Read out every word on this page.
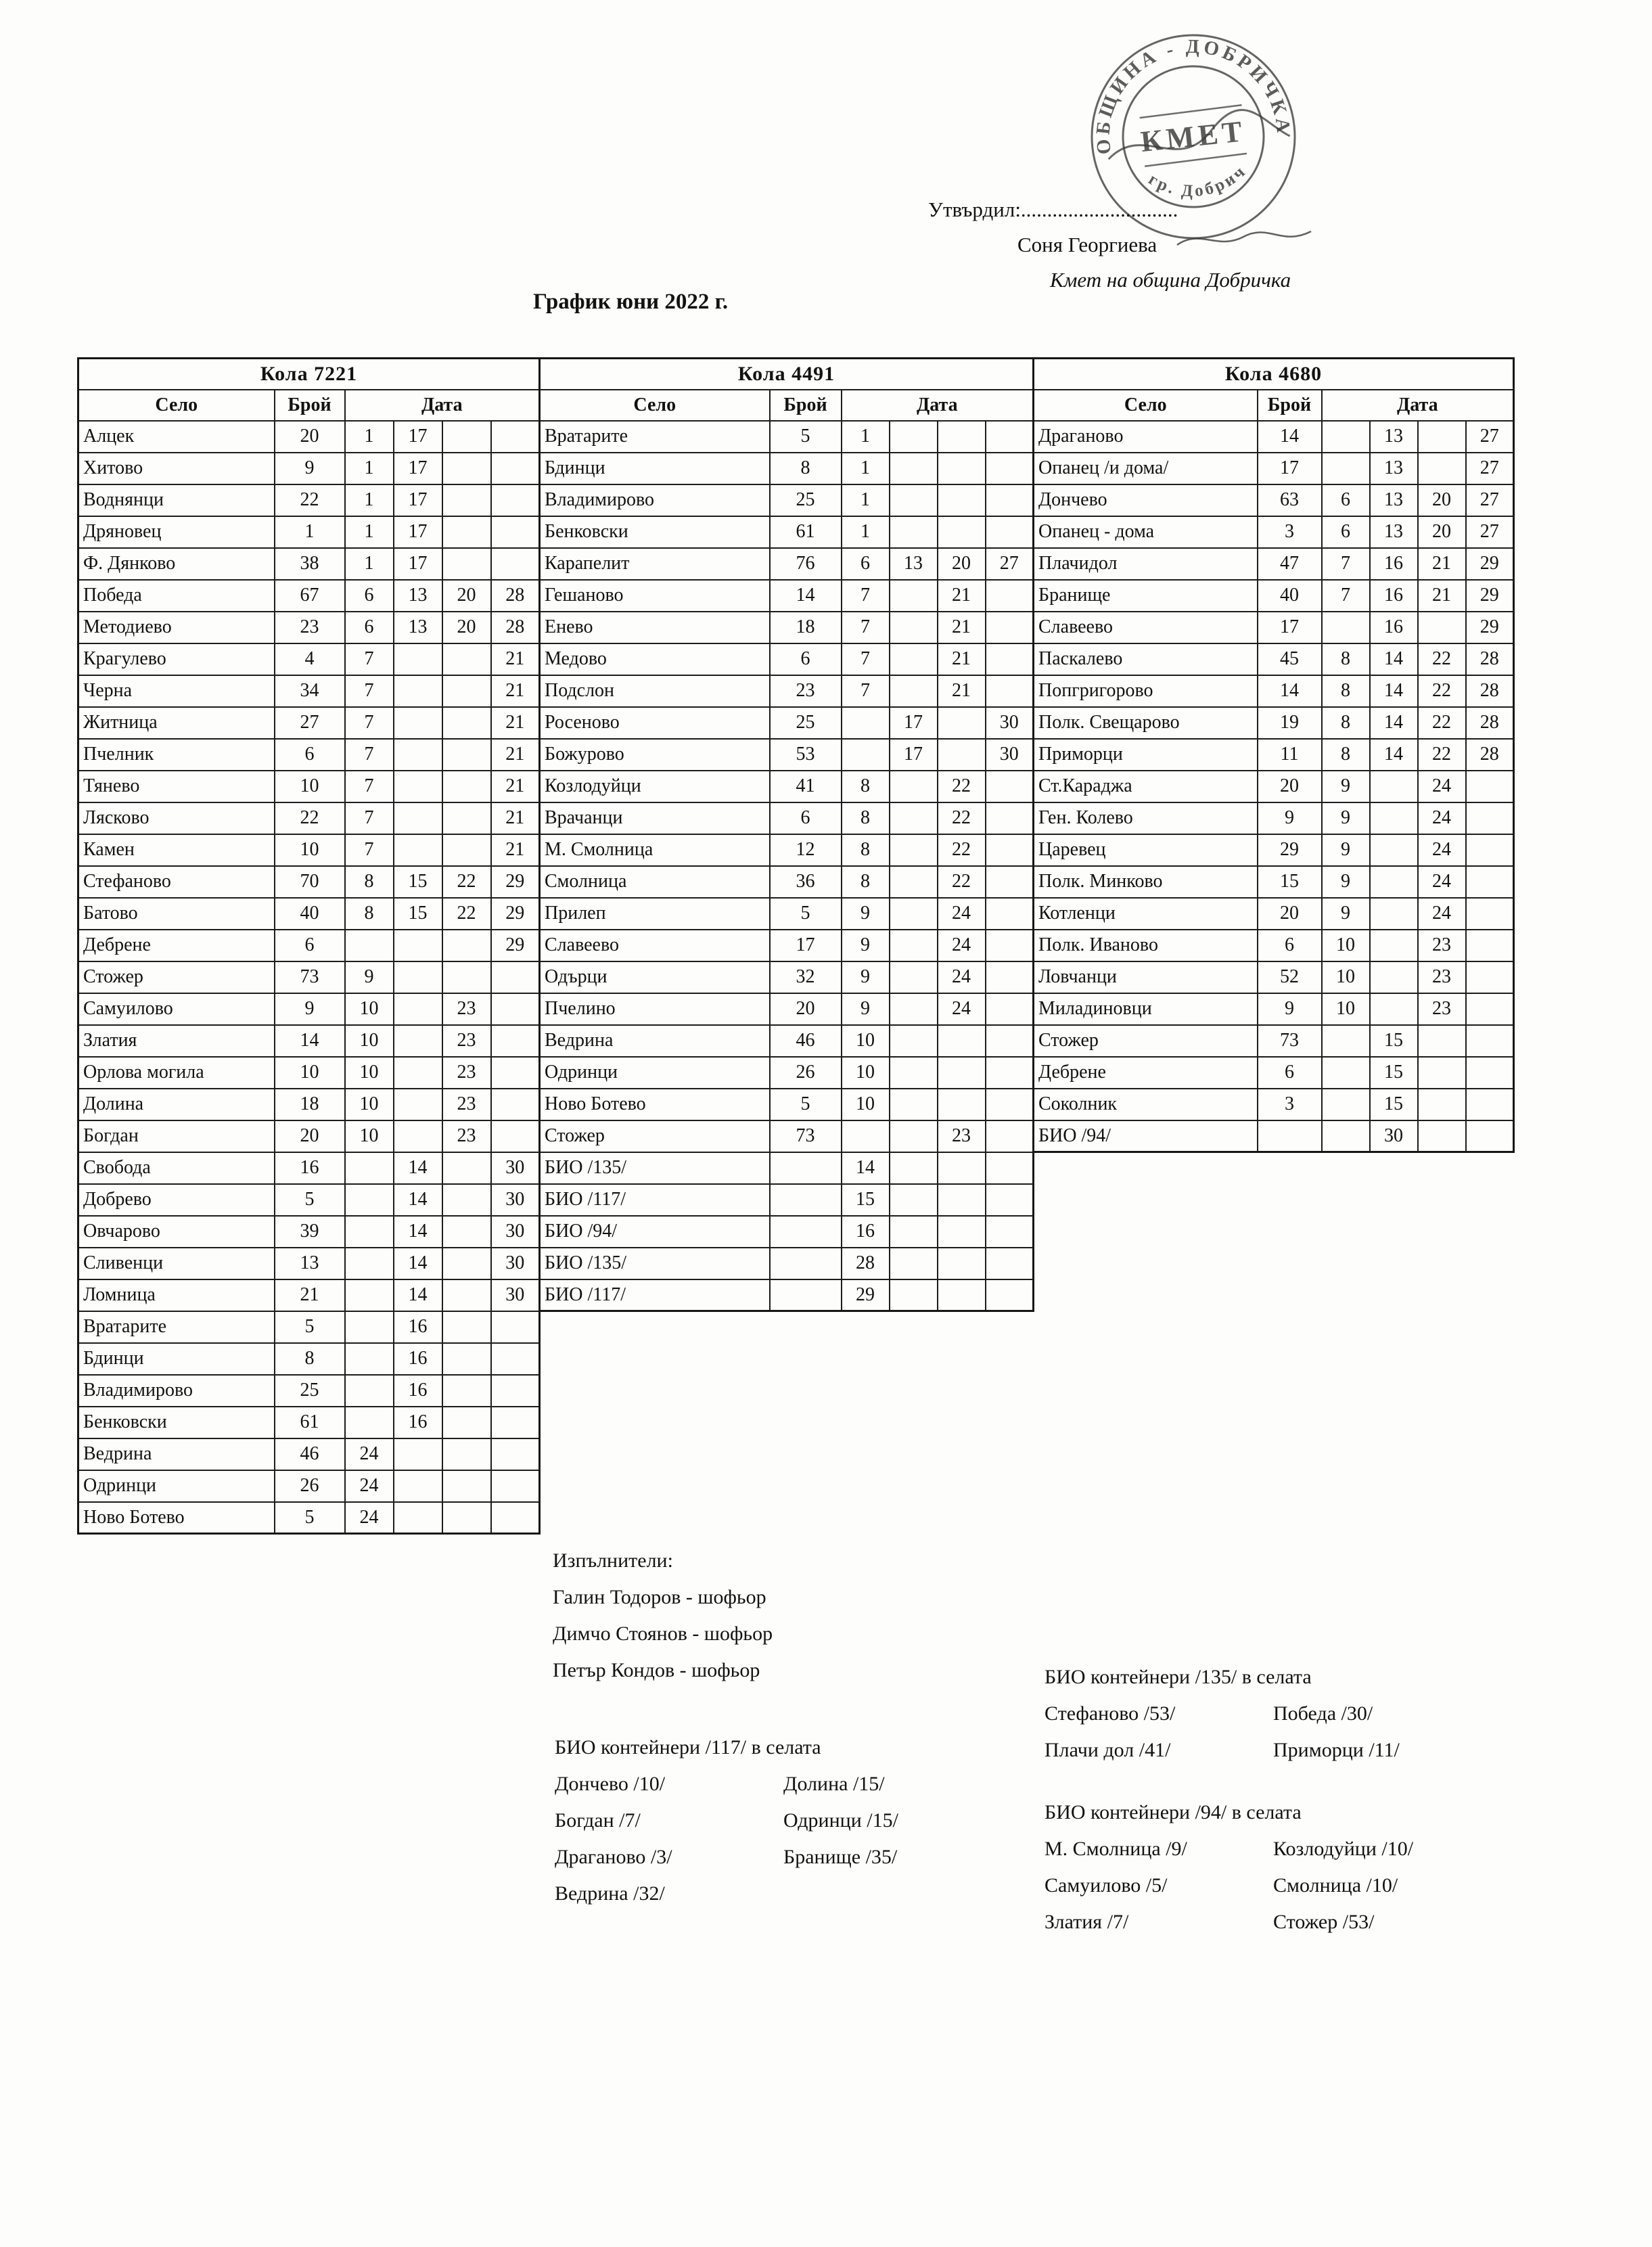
ОБЩИНА - ДОБРИЧКА
гр. Добрич
КМЕТ
Утвърдил:..............................
Соня Георгиева
Кмет на община Добричка
График юни 2022 г.
Кола 7221					
Село	Брой	Дата			
Алцек	20	1	17		
Хитово	9	1	17		
Воднянци	22	1	17		
Дряновец	1	1	17		
Ф. Дянково	38	1	17		
Победа	67	6	13	20	28
Методиево	23	6	13	20	28
Крагулево	4	7			21
Черна	34	7			21
Житница	27	7			21
Пчелник	6	7			21
Тянево	10	7			21
Лясково	22	7			21
Камен	10	7			21
Стефаново	70	8	15	22	29
Батово	40	8	15	22	29
Дебрене	6				29
Стожер	73	9			
Самуилово	9	10		23	
Златия	14	10		23	
Орлова могила	10	10		23	
Долина	18	10		23	
Богдан	20	10		23	
Свобода	16		14		30
Добрево	5		14		30
Овчарово	39		14		30
Сливенци	13		14		30
Ломница	21		14		30
Вратарите	5		16		
Бдинци	8		16		
Владимирово	25		16		
Бенковски	61		16		
Ведрина	46	24			
Одринци	26	24			
Ново Ботево	5	24			
Кола 4491					
Село	Брой	Дата			
Вратарите	5	1			
Бдинци	8	1			
Владимирово	25	1			
Бенковски	61	1			
Карапелит	76	6	13	20	27
Гешаново	14	7		21	
Енево	18	7		21	
Медово	6	7		21	
Подслон	23	7		21	
Росеново	25		17		30
Божурово	53		17		30
Козлодуйци	41	8		22	
Врачанци	6	8		22	
М. Смолница	12	8		22	
Смолница	36	8		22	
Прилеп	5	9		24	
Славеево	17	9		24	
Одърци	32	9		24	
Пчелино	20	9		24	
Ведрина	46	10			
Одринци	26	10			
Ново Ботево	5	10			
Стожер	73			23	
БИО /135/		14			
БИО /117/		15			
БИО /94/		16			
БИО /135/		28			
БИО /117/		29			
Кола 4680					
Село	Брой	Дата			
Драганово	14		13		27
Опанец /и дома/	17		13		27
Дончево	63	6	13	20	27
Опанец - дома	3	6	13	20	27
Плачидол	47	7	16	21	29
Бранище	40	7	16	21	29
Славеево	17		16		29
Паскалево	45	8	14	22	28
Попгригорово	14	8	14	22	28
Полк. Свещарово	19	8	14	22	28
Приморци	11	8	14	22	28
Ст.Караджа	20	9		24	
Ген. Колево	9	9		24	
Царевец	29	9		24	
Полк. Минково	15	9		24	
Котленци	20	9		24	
Полк. Иваново	6	10		23	
Ловчанци	52	10		23	
Миладиновци	9	10		23	
Стожер	73		15		
Дебрене	6		15		
Соколник	3		15		
БИО /94/			30		
Изпълнители:
Галин Тодоров - шофьор
Димчо Стоянов - шофьор
Петър Кондов - шофьор	БИО контейнери /135/ в селата
Стефаново /53/	Победа /30/
Плачи дол /41/	Приморци /11/
БИО контейнери /117/ в селата
Дончево /10/	Долина /15/
Богдан /7/	Одринци /15/
Драганово /3/	Бранище /35/
Ведрина /32/
БИО контейнери /94/ в селата
М. Смолница /9/	Козлодуйци /10/
Самуилово /5/	Смолница /10/
Златия /7/	Стожер /53/
